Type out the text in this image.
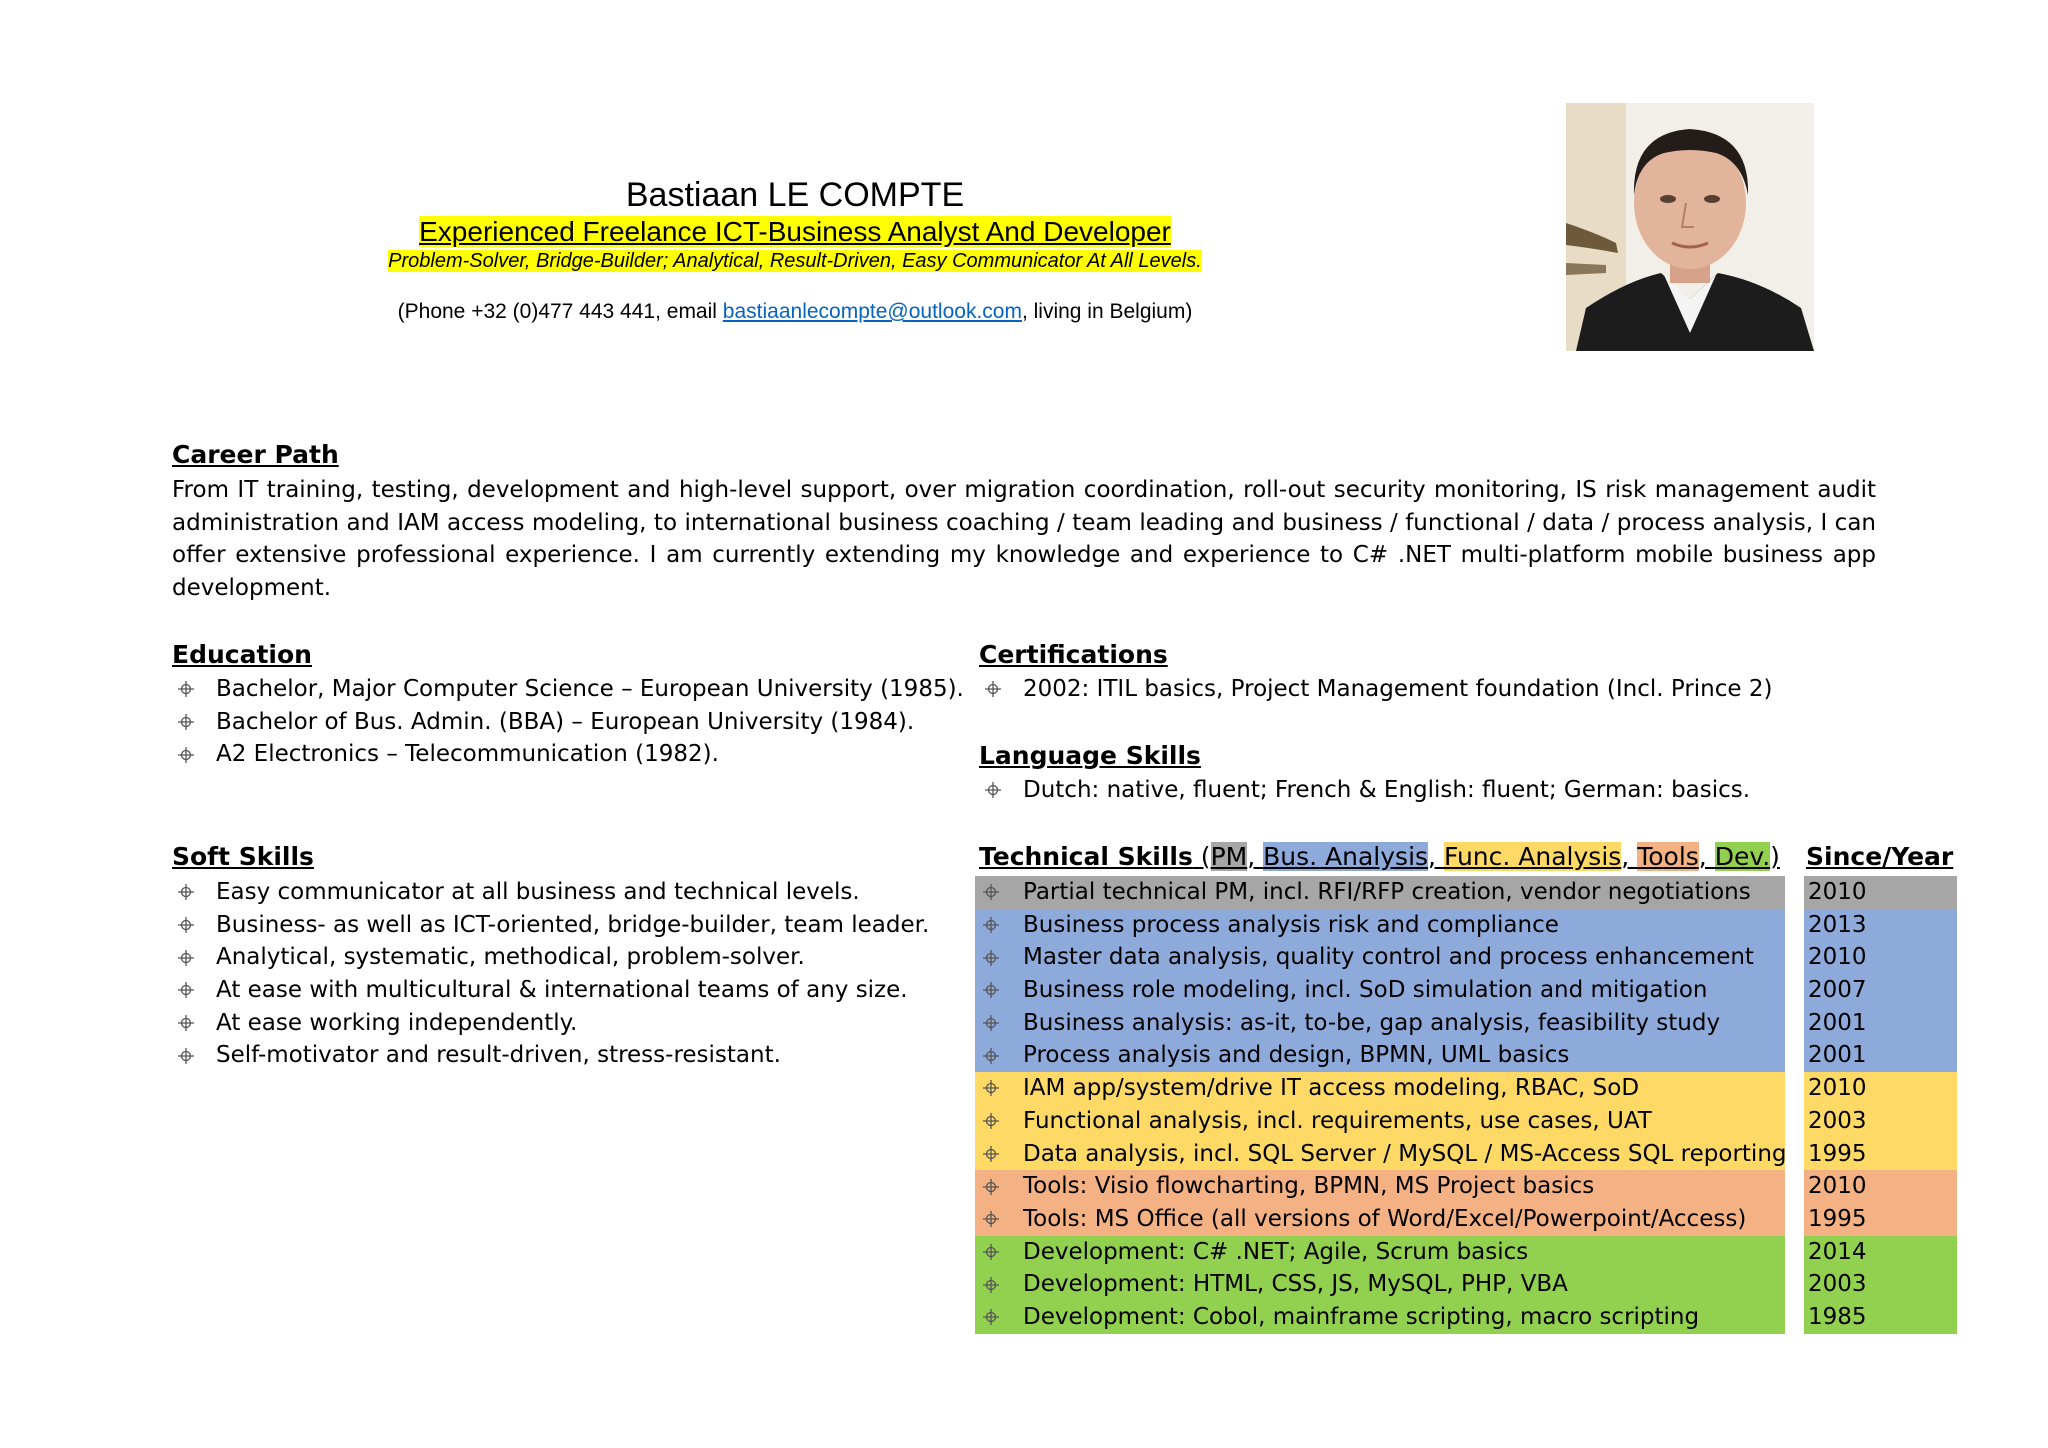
Bastiaan LE COMPTE
Experienced Freelance ICT-Business Analyst And Developer
Problem-Solver, Bridge-Builder; Analytical, Result-Driven, Easy Communicator At All Levels.
(Phone +32 (0)477 443 441, email bastiaanlecompte@outlook.com, living in Belgium)
Career Path
From IT training, testing, development and high-level support, over migration coordination, roll-out security monitoring, IS risk management audit administration and IAM access modeling, to international business coaching / team leading and business / functional / data / process analysis, I can offer extensive professional experience. I am currently extending my knowledge and experience to C# .NET multi-platform mobile business app development.
Education
Bachelor, Major Computer Science – European University (1985).
Bachelor of Bus. Admin. (BBA) – European University (1984).
A2 Electronics – Telecommunication (1982).
Certifications
2002: ITIL basics, Project Management foundation (Incl. Prince 2)
Language Skills
Dutch: native, fluent; French & English: fluent; German: basics.
Soft Skills
Easy communicator at all business and technical levels.
Business- as well as ICT-oriented, bridge-builder, team leader.
Analytical, systematic, methodical, problem-solver.
At ease with multicultural & international teams of any size.
At ease working independently.
Self-motivator and result-driven, stress-resistant.
Technical Skills (PM, Bus. Analysis, Func. Analysis, Tools, Dev.) Since/Year
Partial technical PM, incl. RFI/RFP creation, vendor negotiations
Business process analysis risk and compliance
Master data analysis, quality control and process enhancement
Business role modeling, incl. SoD simulation and mitigation
Business analysis: as-it, to-be, gap analysis, feasibility study
Process analysis and design, BPMN, UML basics
IAM app/system/drive IT access modeling, RBAC, SoD
Functional analysis, incl. requirements, use cases, UAT
Data analysis, incl. SQL Server / MySQL / MS-Access SQL reporting
Tools: Visio flowcharting, BPMN, MS Project basics
Tools: MS Office (all versions of Word/Excel/Powerpoint/Access)
Development: C# .NET; Agile, Scrum basics
Development: HTML, CSS, JS, MySQL, PHP, VBA
Development: Cobol, mainframe scripting, macro scripting
2010
2013
2010
2007
2001
2001
2010
2003
1995
2010
1995
2014
2003
1985
